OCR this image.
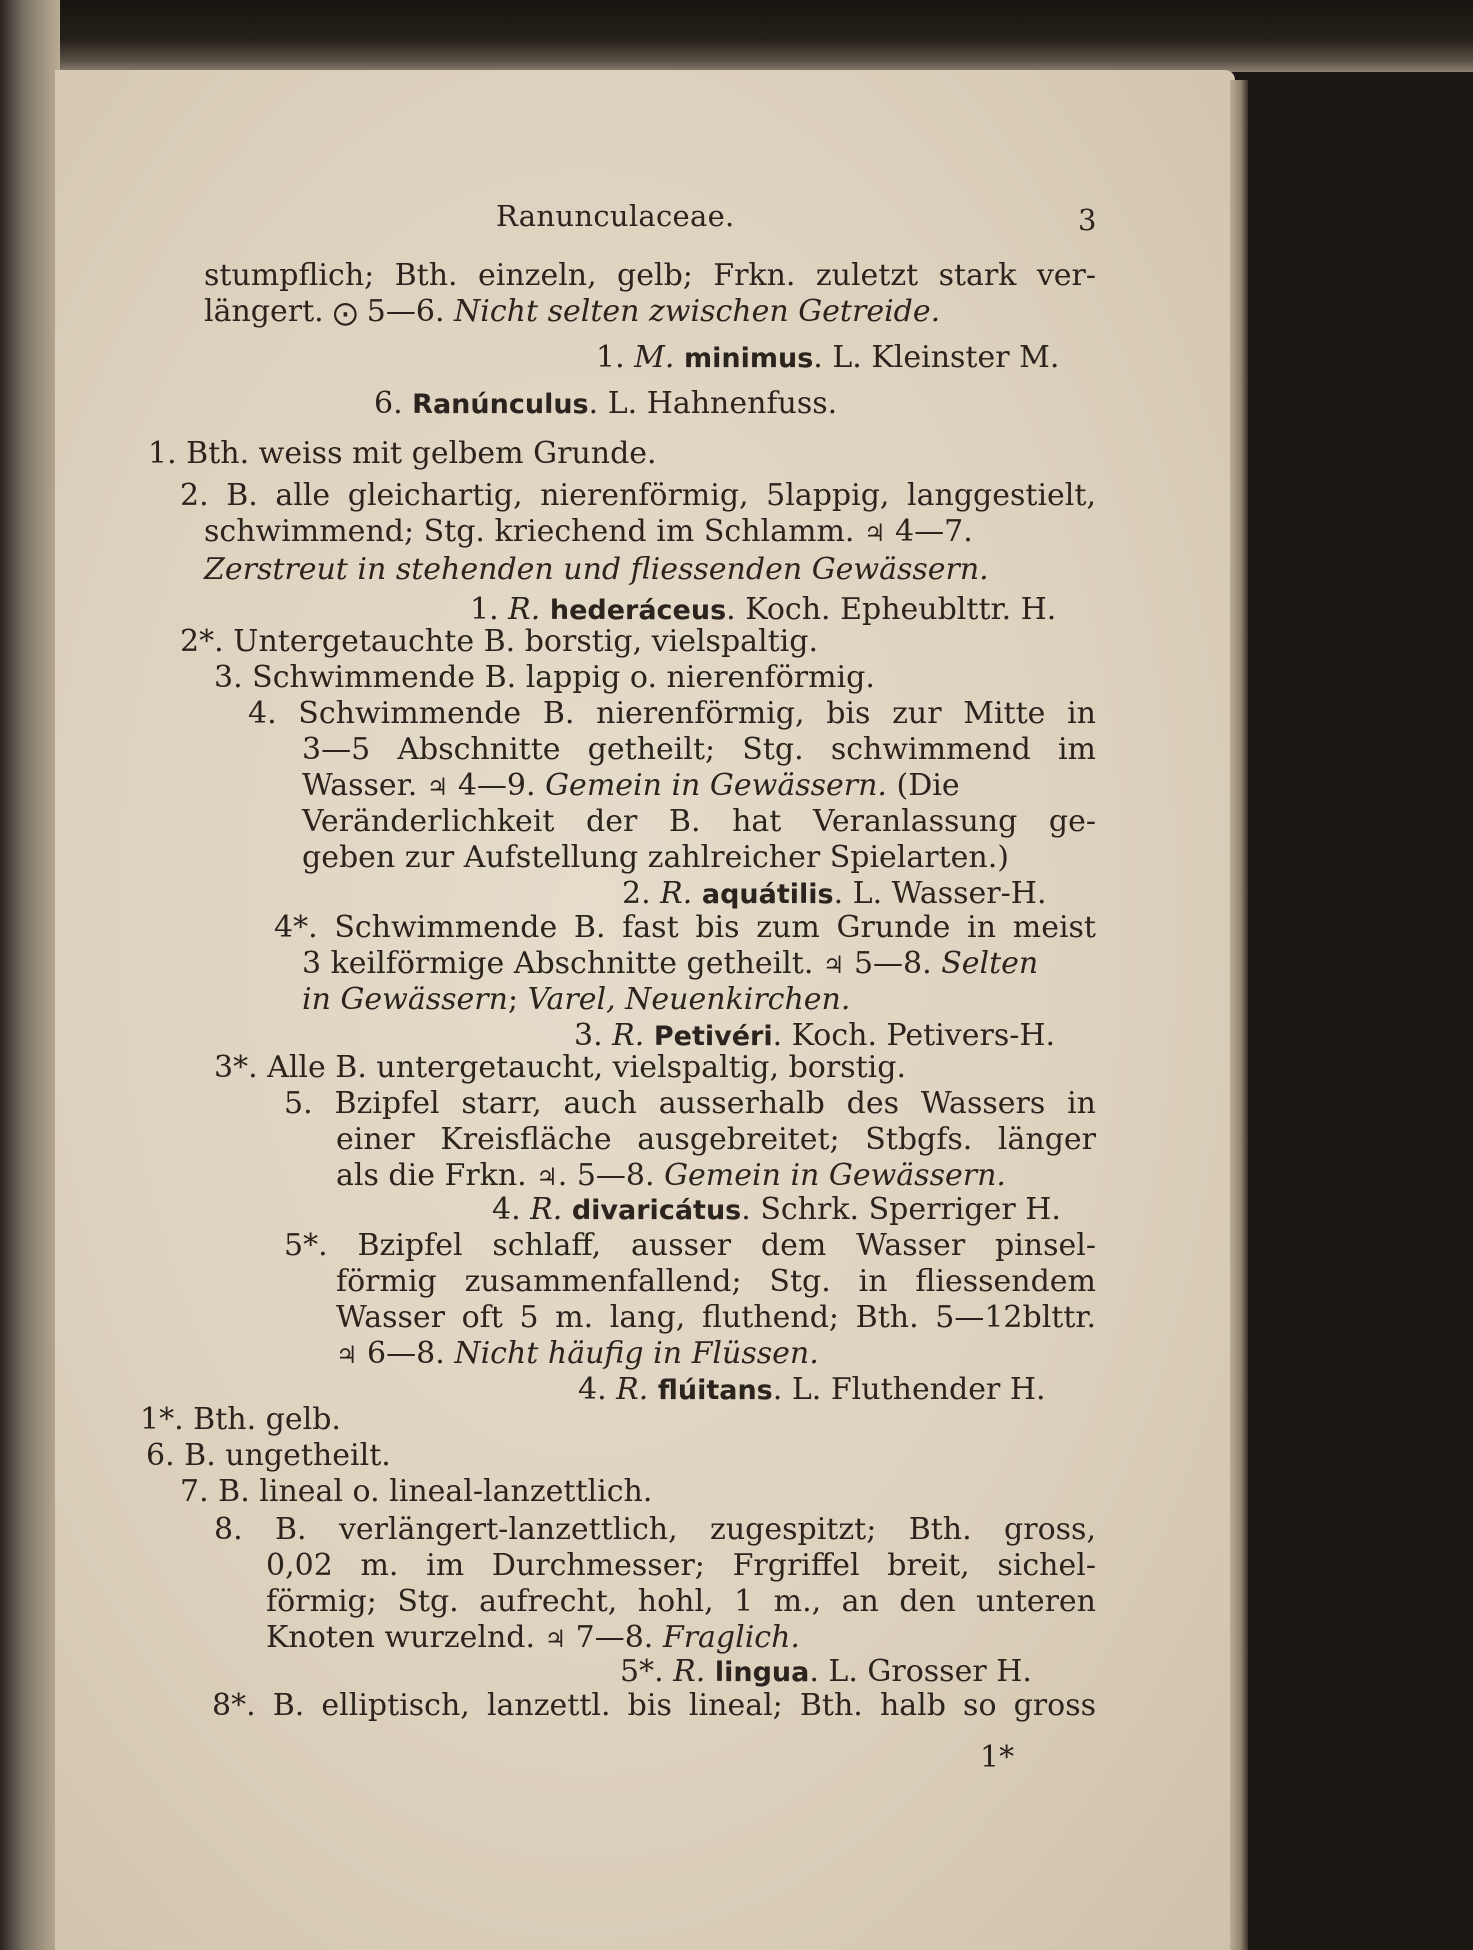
Ranunculaceae.	3
stumpflich; Bth. einzeln, gelb; Frkn. zuletzt stark ver-
längert. ⨀ 5—6. Nicht selten zwischen Getreide.
1. M. minimus. L. Kleinster M.
6. Ranúnculus. L. Hahnenfuss.
1. Bth. weiss mit gelbem Grunde.
2. B. alle gleichartig, nierenförmig, 5lappig, langgestielt,
schwimmend; Stg. kriechend im Schlamm. ♃ 4—7.
Zerstreut in stehenden und fliessenden Gewässern.
1. R. hederáceus. Koch. Epheublttr. H.
2*. Untergetauchte B. borstig, vielspaltig.
3. Schwimmende B. lappig o. nierenförmig.
4. Schwimmende B. nierenförmig, bis zur Mitte in
3—5 Abschnitte getheilt; Stg. schwimmend im
Wasser. ♃ 4—9. Gemein in Gewässern. (Die
Veränderlichkeit der B. hat Veranlassung ge-
geben zur Aufstellung zahlreicher Spielarten.)
2. R. aquátilis. L. Wasser-H.
4*. Schwimmende B. fast bis zum Grunde in meist
3 keilförmige Abschnitte getheilt. ♃ 5—8. Selten
in Gewässern; Varel, Neuenkirchen.
3. R. Petivéri. Koch. Petivers-H.
3*. Alle B. untergetaucht, vielspaltig, borstig.
5. Bzipfel starr, auch ausserhalb des Wassers in
einer Kreisfläche ausgebreitet; Stbgfs. länger
als die Frkn. ♃. 5—8. Gemein in Gewässern.
4. R. divaricátus. Schrk. Sperriger H.
5*. Bzipfel schlaff, ausser dem Wasser pinsel-
förmig zusammenfallend; Stg. in fliessendem
Wasser oft 5 m. lang, fluthend; Bth. 5—12blttr.
♃ 6—8. Nicht häufig in Flüssen.
4. R. flúitans. L. Fluthender H.
1*. Bth. gelb.
6. B. ungetheilt.
7. B. lineal o. lineal-lanzettlich.
8. B. verlängert-lanzettlich, zugespitzt; Bth. gross,
0,02 m. im Durchmesser; Frgriffel breit, sichel-
förmig; Stg. aufrecht, hohl, 1 m., an den unteren
Knoten wurzelnd. ♃ 7—8. Fraglich.
5*. R. lingua. L. Grosser H.
8*. B. elliptisch, lanzettl. bis lineal; Bth. halb so gross
1*
